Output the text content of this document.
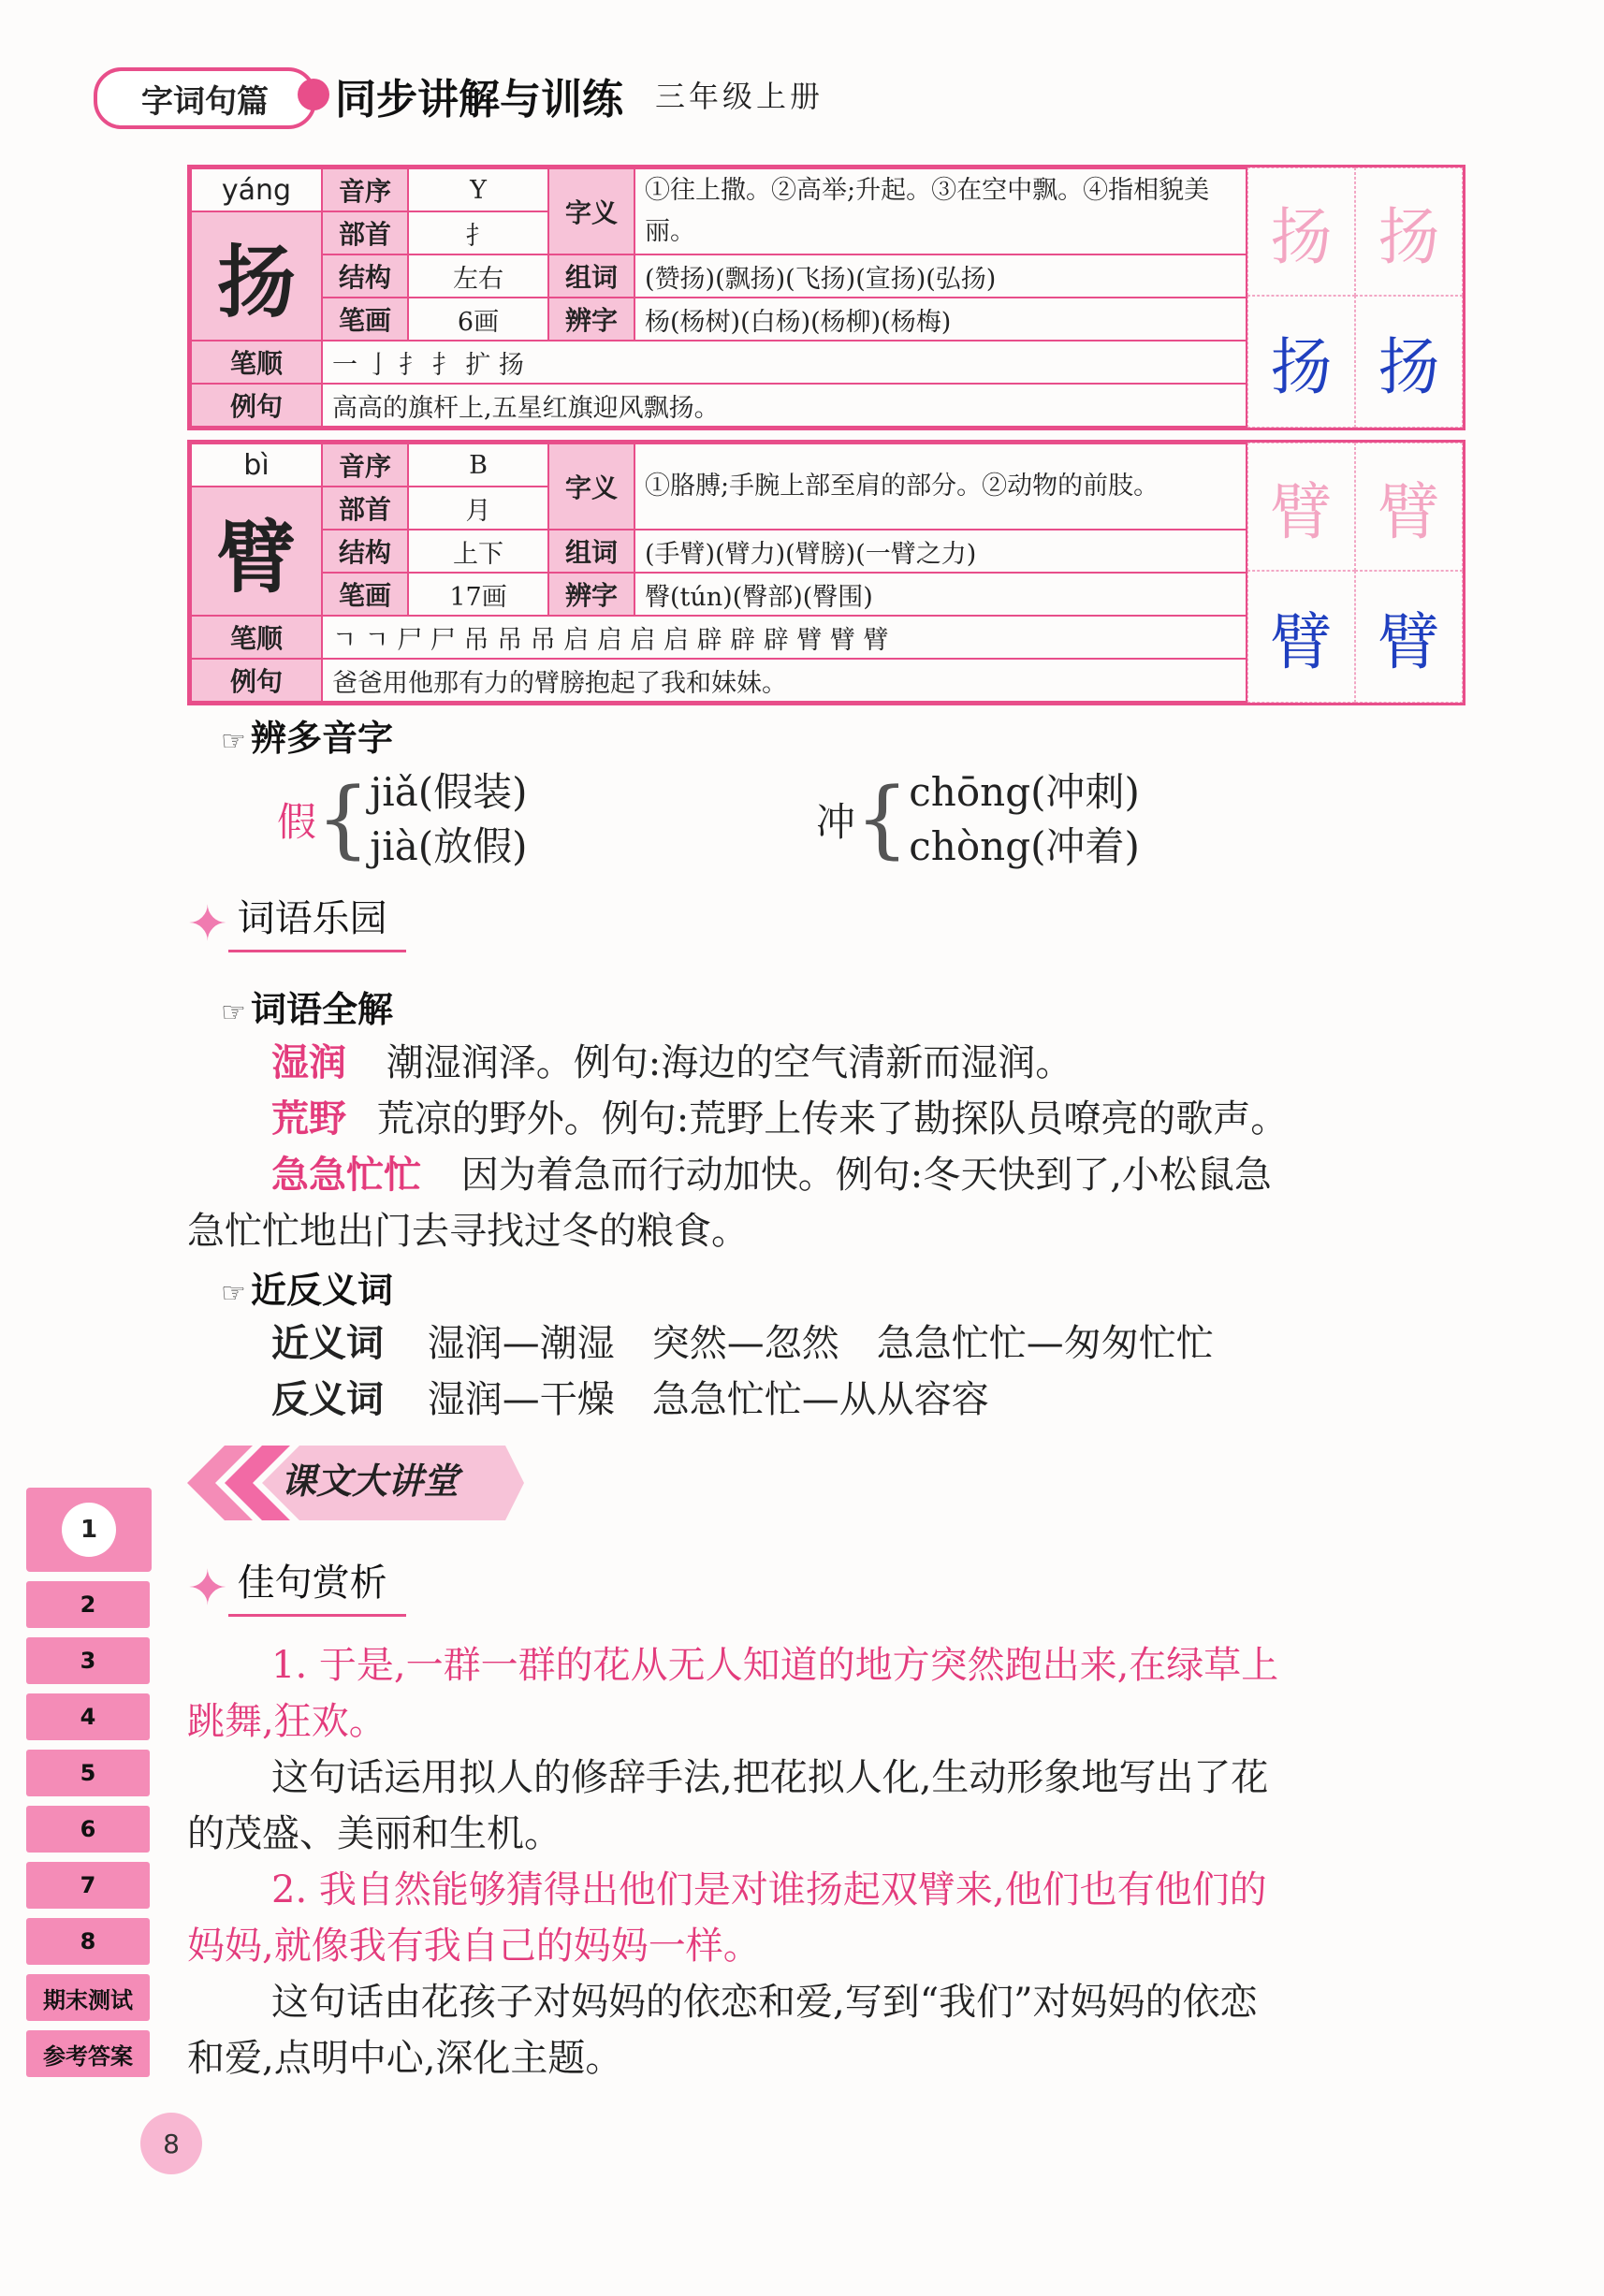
字词句篇	同步讲解与训练 三年级上册
yáng	音序	Y	字义	①往上撒。②高举;升起。③在空中飘。④指相貌美丽。
扬	部首	扌		
	结构	左右	组词	(赞扬)(飘扬)(飞扬)(宣扬)(弘扬)
	笔画	6画	辨字	杨(杨树)(白杨)(杨柳)(杨梅)
笔顺	一 亅 扌 扌 扩 扬			
例句	高高的旗杆上,五星红旗迎风飘扬。			
扬 扬
扬 扬
bì	音序	B	字义	①胳膊;手腕上部至肩的部分。②动物的前肢。
臂	部首	月		
	结构	上下	组词	(手臂)(臂力)(臂膀)(一臂之力)
	笔画	17画	辨字	臀(tún)(臀部)(臀围)
笔顺	ㄱ ㄱ 尸 尸 吊 吊 吊 启 启 启 启 辟 辟 辟 臂 臂 臂			
例句	爸爸用他那有力的臂膀抱起了我和妹妹。			
臂 臂
臂 臂
☞ 辨多音字
假 { jiǎ(假装)
jià(放假)
冲 { chōng(冲刺)
chòng(冲着)
✦ 词语乐园
☞ 词语全解
湿润 潮湿润泽。例句:海边的空气清新而湿润。
荒野 荒凉的野外。例句:荒野上传来了勘探队员嘹亮的歌声。
急急忙忙 因为着急而行动加快。例句:冬天快到了,小松鼠急
急忙忙地出门去寻找过冬的粮食。
☞ 近反义词
近义词 湿润—潮湿　突然—忽然　急急忙忙—匆匆忙忙
反义词 湿润—干燥　急急忙忙—从从容容
课文大讲堂
✦ 佳句赏析
1. 于是,一群一群的花从无人知道的地方突然跑出来,在绿草上
跳舞,狂欢。
这句话运用拟人的修辞手法,把花拟人化,生动形象地写出了花
的茂盛、美丽和生机。
2. 我自然能够猜得出他们是对谁扬起双臂来,他们也有他们的
妈妈,就像我有我自己的妈妈一样。
这句话由花孩子对妈妈的依恋和爱,写到“我们”对妈妈的依恋
和爱,点明中心,深化主题。
1
2
3
4
5
6
7
8
期末测试
参考答案
8
